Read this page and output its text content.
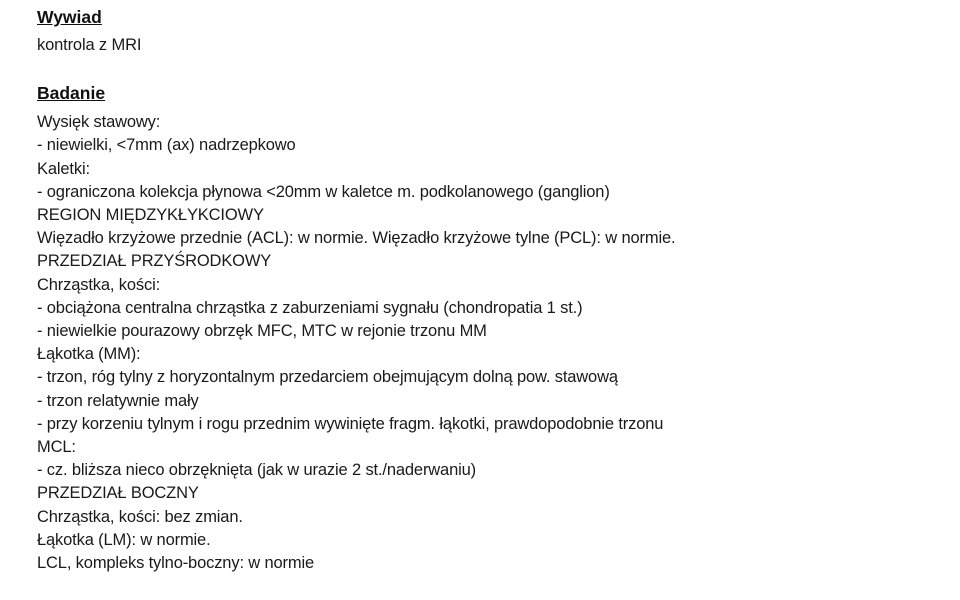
Wywiad

kontrola z MRI

Badanie

Wysięk stawowy:

- niewielki, <7mm (ax) nadrzepkowo

Kaletki:

- ograniczona kolekcja płynowa <20mm w kaletce m. podkolanowego (ganglion)

REGION MIĘDZYKŁYKCIOWY

Więzadło krzyżowe przednie (ACL): w normie. Więzadło krzyżowe tylne (PCL): w normie.

PRZEDZIAŁ PRZYŚRODKOWY

Chrząstka, kości:

- obciążona centralna chrząstka z zaburzeniami sygnału (chondropatia 1 st.)

- niewielkie pourazowy obrzęk MFC, MTC w rejonie trzonu MM

Łąkotka (MM):

- trzon, róg tylny z horyzontalnym przedarciem obejmującym dolną pow. stawową

- trzon relatywnie mały

- przy korzeniu tylnym i rogu przednim wywinięte fragm. łąkotki, prawdopodobnie trzonu

MCL:

- cz. bliższa nieco obrzęknięta (jak w urazie 2 st./naderwaniu)

PRZEDZIAŁ BOCZNY

Chrząstka, kości: bez zmian.

Łąkotka (LM): w normie.

LCL, kompleks tylno-boczny: w normie
